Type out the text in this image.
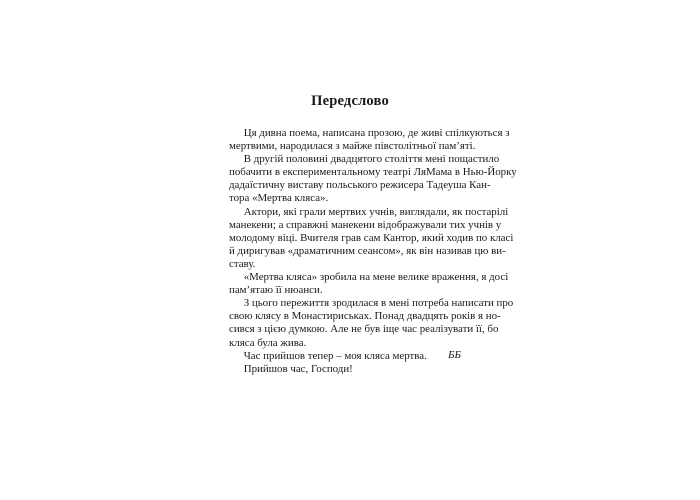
Передслово
Ця дивна поема, написана прозою, де живі спілкуються з
мертвими, народилася з майже півстолітньої пам’яті.
В другій половині двадцятого століття мені пощастило
побачити в експериментальному театрі ЛяМама в Нью-Йорку
дадаїстичну виставу польського режисера Тадеуша Кан-
тора «Мертва кляса».
Актори, які грали мертвих учнів, виглядали, як постарілі
манекени; а справжні манекени відображували тих учнів у
молодому віці. Вчителя грав сам Кантор, який ходив по класі
й диригував «драматичним сеансом», як він називав цю ви-
ставу.
«Мертва кляса» зробила на мене велике враження, я досі
пам’ятаю її нюанси.
З цього пережиття зродилася в мені потреба написати про
свою клясу в Монастириськах. Понад двадцять років я но-
сився з цією думкою. Але не був іще час реалізувати її, бо
кляса була жива.
Час прийшов тепер – моя кляса мертва.
Прийшов час, Господи!
ББ
